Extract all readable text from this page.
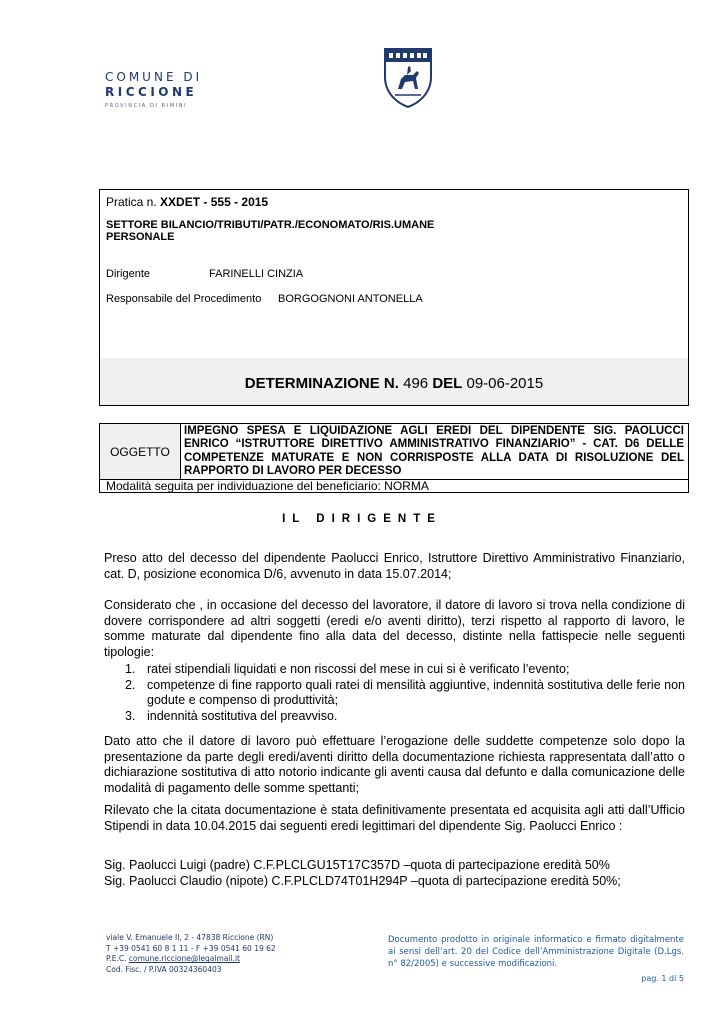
COMUNE DI
RICCIONE
PROVINCIA DI RIMINI
Pratica n. XXDET - 555 - 2015
SETTORE BILANCIO/TRIBUTI/PATR./ECONOMATO/RIS.UMANE
PERSONALE
Dirigente	FARINELLI CINZIA
Responsabile del Procedimento BORGOGNONI ANTONELLA
DETERMINAZIONE N. 496 DEL 09-06-2015
OGGETTO
IMPEGNO SPESA E LIQUIDAZIONE AGLI EREDI DEL DIPENDENTE SIG. PAOLUCCI ENRICO “ISTRUTTORE DIRETTIVO AMMINISTRATIVO FINANZIARIO” - CAT. D6 DELLE COMPETENZE MATURATE E NON CORRISPOSTE ALLA DATA DI RISOLUZIONE DEL RAPPORTO DI LAVORO PER DECESSO
Modalità seguita per individuazione del beneficiario: NORMA
IL DIRIGENTE
Preso atto del decesso del dipendente Paolucci Enrico, Istruttore Direttivo Amministrativo Finanziario, cat. D, posizione economica D/6, avvenuto in data 15.07.2014;
Considerato che , in occasione del decesso del lavoratore, il datore di lavoro si trova nella condizione di dovere corrispondere ad altri soggetti (eredi e/o aventi diritto), terzi rispetto al rapporto di lavoro, le somme maturate dal dipendente fino alla data del decesso, distinte nella fattispecie nelle seguenti tipologie:
1. ratei stipendiali liquidati e non riscossi del mese in cui si è verificato l’evento;
2. competenze di fine rapporto quali ratei di mensilità aggiuntive, indennità sostitutiva delle ferie non godute e compenso di produttività;
3. indennità sostitutiva del preavviso.
Dato atto che il datore di lavoro può effettuare l’erogazione delle suddette competenze solo dopo la presentazione da parte degli eredi/aventi diritto della documentazione richiesta rappresentata dall’atto o dichiarazione sostitutiva di atto notorio indicante gli aventi causa dal defunto e dalla comunicazione delle modalità di pagamento delle somme spettanti;
Rilevato che la citata documentazione è stata definitivamente presentata ed acquisita agli atti dall’Ufficio Stipendi in data 10.04.2015 dai seguenti eredi legittimari del dipendente Sig. Paolucci Enrico :
Sig. Paolucci Luigi (padre) C.F.PLCLGU15T17C357D –quota di partecipazione eredità 50%
Sig. Paolucci Claudio (nipote) C.F.PLCLD74T01H294P –quota di partecipazione eredità 50%;
viale V. Emanuele II, 2 - 47838 Riccione (RN)
T +39 0541 60 8 1 11 - F +39 0541 60 19 62
P.E.C. comune.riccione@legalmail.it
Cod. Fisc. / P.IVA 00324360403
Documento prodotto in originale informatico e firmato digitalmente ai sensi dell’art. 20 del Codice dell’Amministrazione Digitale (D.Lgs. n° 82/2005) e successive modificazioni.
pag. 1 di 5
